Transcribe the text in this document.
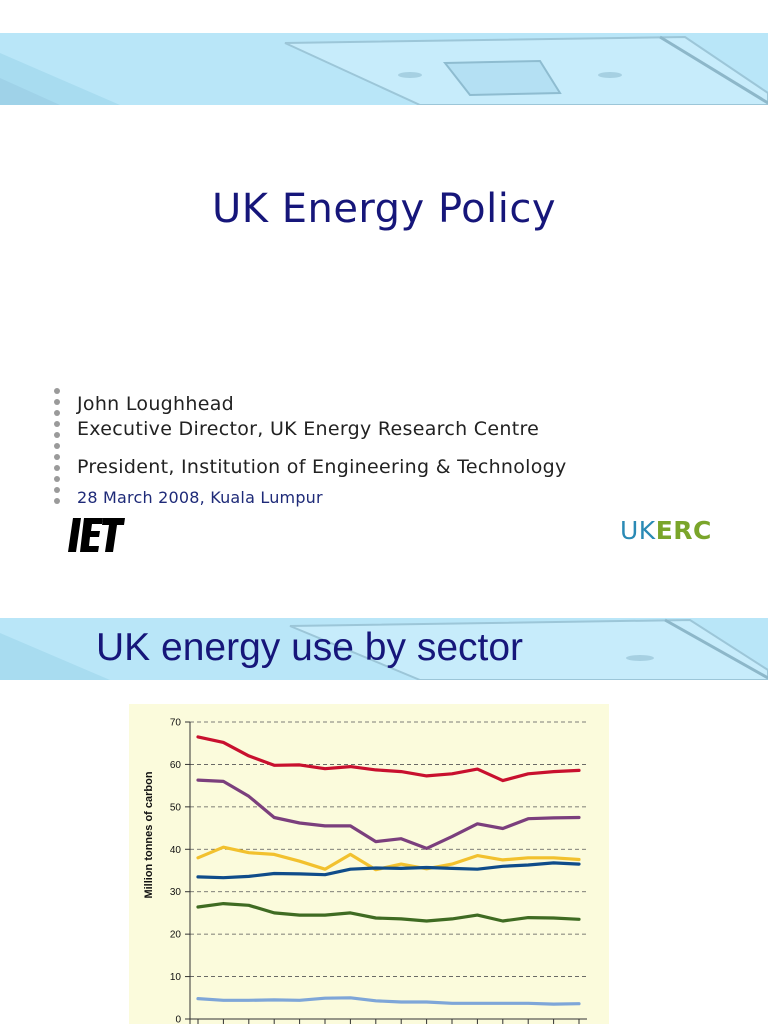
UK Energy Policy
John Loughhead
Executive Director, UK Energy Research Centre
President, Institution of Engineering & Technology
28 March 2008, Kuala Lumpur
UKERC
UK energy use by sector
0
10
20
30
40
50
60
70
Million tonnes of carbon
